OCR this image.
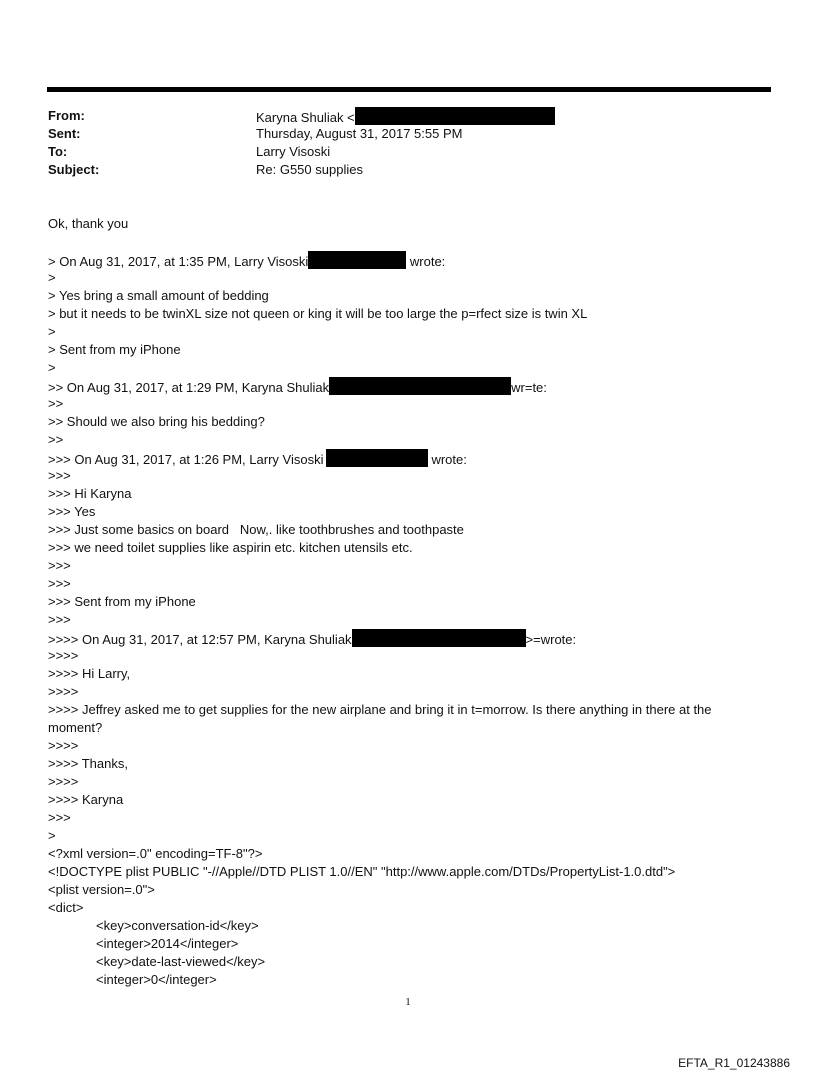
From:	Karyna Shuliak <
Sent:	Thursday, August 31, 2017 5:55 PM
To:	Larry Visoski
Subject:	Re: G550 supplies
Ok, thank you
> On Aug 31, 2017, at 1:35 PM, Larry Visoski	wrote:
>
> Yes bring a small amount of bedding
> but it needs to be twinXL size not queen or king it will be too large the p=rfect size is twin XL
>
> Sent from my iPhone
>
>> On Aug 31, 2017, at 1:29 PM, Karyna Shuliak	wr=te:
>>
>> Should we also bring his bedding?
>>
>>> On Aug 31, 2017, at 1:26 PM, Larry Visoski	wrote:
>>>
>>> Hi Karyna
>>> Yes
>>> Just some basics on board   Now,. like toothbrushes and toothpaste
>>> we need toilet supplies like aspirin etc. kitchen utensils etc.
>>>
>>>
>>> Sent from my iPhone
>>>
>>>> On Aug 31, 2017, at 12:57 PM, Karyna Shuliak	>=wrote:
>>>>
>>>> Hi Larry,
>>>>
>>>> Jeffrey asked me to get supplies for the new airplane and bring it in t=morrow. Is there anything in there at the moment?
>>>>
>>>> Thanks,
>>>>
>>>> Karyna
>>>
>
<?xml version=.0" encoding=TF-8"?>
<!DOCTYPE plist PUBLIC "-//Apple//DTD PLIST 1.0//EN" "http://www.apple.com/DTDs/PropertyList-1.0.dtd">
<plist version=.0">
<dict>
<key>conversation-id</key>
<integer>2014</integer>
<key>date-last-viewed</key>
<integer>0</integer>
1
EFTA_R1_01243886
